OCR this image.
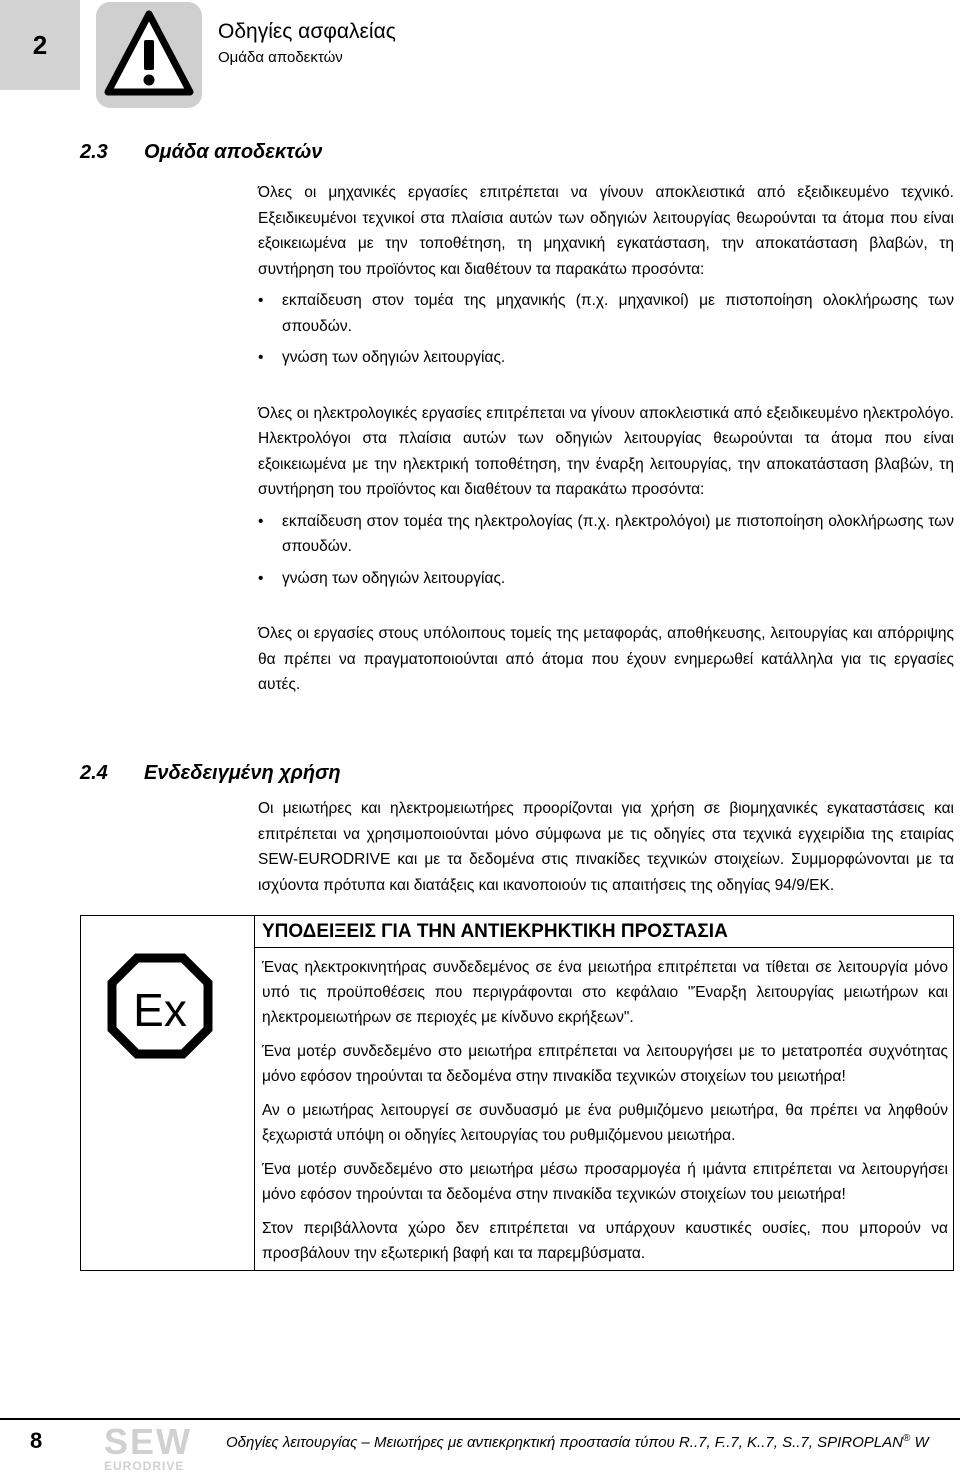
2	Οδηγίες ασφαλείας
Ομάδα αποδεκτών
2.3 Ομάδα αποδεκτών

Όλες οι μηχανικές εργασίες επιτρέπεται να γίνουν αποκλειστικά από εξειδικευμένο τεχνικό. Εξειδικευμένοι τεχνικοί στα πλαίσια αυτών των οδηγιών λειτουργίας θεωρούνται τα άτομα που είναι εξοικειωμένα με την τοποθέτηση, τη μηχανική εγκατάσταση, την αποκατάσταση βλαβών, τη συντήρηση του προϊόντος και διαθέτουν τα παρακάτω προσόντα:

• εκπαίδευση στον τομέα της μηχανικής (π.χ. μηχανικοί) με πιστοποίηση ολοκλήρωσης των σπουδών.
• γνώση των οδηγιών λειτουργίας.

Όλες οι ηλεκτρολογικές εργασίες επιτρέπεται να γίνουν αποκλειστικά από εξειδικευμένο ηλεκτρολόγο. Ηλεκτρολόγοι στα πλαίσια αυτών των οδηγιών λειτουργίας θεωρούνται τα άτομα που είναι εξοικειωμένα με την ηλεκτρική τοποθέτηση, την έναρξη λειτουργίας, την αποκατάσταση βλαβών, τη συντήρηση του προϊόντος και διαθέτουν τα παρακάτω προσόντα:

• εκπαίδευση στον τομέα της ηλεκτρολογίας (π.χ. ηλεκτρολόγοι) με πιστοποίηση ολοκλήρωσης των σπουδών.
• γνώση των οδηγιών λειτουργίας.

Όλες οι εργασίες στους υπόλοιπους τομείς της μεταφοράς, αποθήκευσης, λειτουργίας και απόρριψης θα πρέπει να πραγματοποιούνται από άτομα που έχουν ενημερωθεί κατάλληλα για τις εργασίες αυτές.

2.4 Ενδεδειγμένη χρήση

Οι μειωτήρες και ηλεκτρομειωτήρες προορίζονται για χρήση σε βιομηχανικές εγκαταστάσεις και επιτρέπεται να χρησιμοποιούνται μόνο σύμφωνα με τις οδηγίες στα τεχνικά εγχειρίδια της εταιρίας SEW-EURODRIVE και με τα δεδομένα στις πινακίδες τεχνικών στοιχείων. Συμμορφώνονται με τα ισχύοντα πρότυπα και διατάξεις και ικανοποιούν τις απαιτήσεις της οδηγίας 94/9/ΕΚ.

Ex
ΥΠΟΔΕΙΞΕΙΣ ΓΙΑ ΤΗΝ ΑΝΤΙΕΚΡΗΚΤΙΚΗ ΠΡΟΣΤΑΣΙΑ

Ένας ηλεκτροκινητήρας συνδεδεμένος σε ένα μειωτήρα επιτρέπεται να τίθεται σε λειτουργία μόνο υπό τις προϋποθέσεις που περιγράφονται στο κεφάλαιο "Έναρξη λειτουργίας μειωτήρων και ηλεκτρομειωτήρων σε περιοχές με κίνδυνο εκρήξεων".

Ένα μοτέρ συνδεδεμένο στο μειωτήρα επιτρέπεται να λειτουργήσει με το μετατροπέα συχνότητας μόνο εφόσον τηρούνται τα δεδομένα στην πινακίδα τεχνικών στοιχείων του μειωτήρα!

Αν ο μειωτήρας λειτουργεί σε συνδυασμό με ένα ρυθμιζόμενο μειωτήρα, θα πρέπει να ληφθούν ξεχωριστά υπόψη οι οδηγίες λειτουργίας του ρυθμιζόμενου μειωτήρα.

Ένα μοτέρ συνδεδεμένο στο μειωτήρα μέσω προσαρμογέα ή ιμάντα επιτρέπεται να λειτουργήσει μόνο εφόσον τηρούνται τα δεδομένα στην πινακίδα τεχνικών στοιχείων του μειωτήρα!

Στον περιβάλλοντα χώρο δεν επιτρέπεται να υπάρχουν καυστικές ουσίες, που μπορούν να προσβάλουν την εξωτερική βαφή και τα παρεμβύσματα.

8 SEW
EURODRIVE
Οδηγίες λειτουργίας – Μειωτήρες με αντιεκρηκτική προστασία τύπου R..7, F..7, K..7, S..7, SPIROPLAN® W
